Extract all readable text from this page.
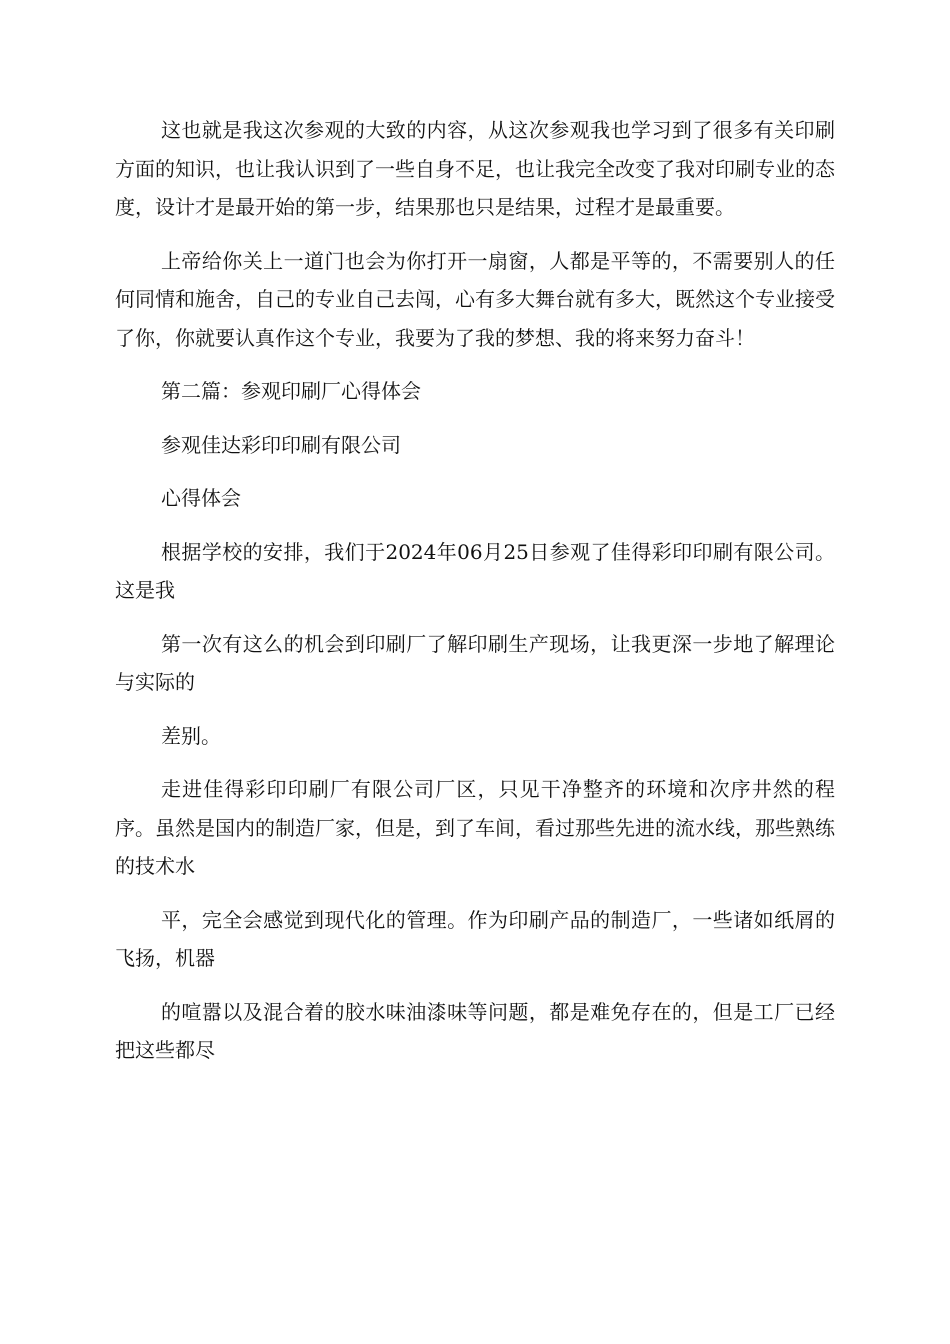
这也就是我这次参观的大致的内容，从这次参观我也学习到了很多有关印刷方面的知识，也让我认识到了一些自身不足，也让我完全改变了我对印刷专业的态度，设计才是最开始的第一步，结果那也只是结果，过程才是最重要。

上帝给你关上一道门也会为你打开一扇窗，人都是平等的，不需要别人的任何同情和施舍，自己的专业自己去闯，心有多大舞台就有多大，既然这个专业接受了你，你就要认真作这个专业，我要为了我的梦想、我的将来努力奋斗！

第二篇：参观印刷厂心得体会

参观佳达彩印印刷有限公司

心得体会

根据学校的安排，我们于2024年06月25日参观了佳得彩印印刷有限公司。这是我

第一次有这么的机会到印刷厂了解印刷生产现场，让我更深一步地了解理论与实际的

差别。

走进佳得彩印印刷厂有限公司厂区，只见干净整齐的环境和次序井然的程序。虽然是国内的制造厂家，但是，到了车间，看过那些先进的流水线，那些熟练的技术水

平，完全会感觉到现代化的管理。作为印刷产品的制造厂，一些诸如纸屑的飞扬，机器

的喧嚣以及混合着的胶水味油漆味等问题，都是难免存在的，但是工厂已经把这些都尽
